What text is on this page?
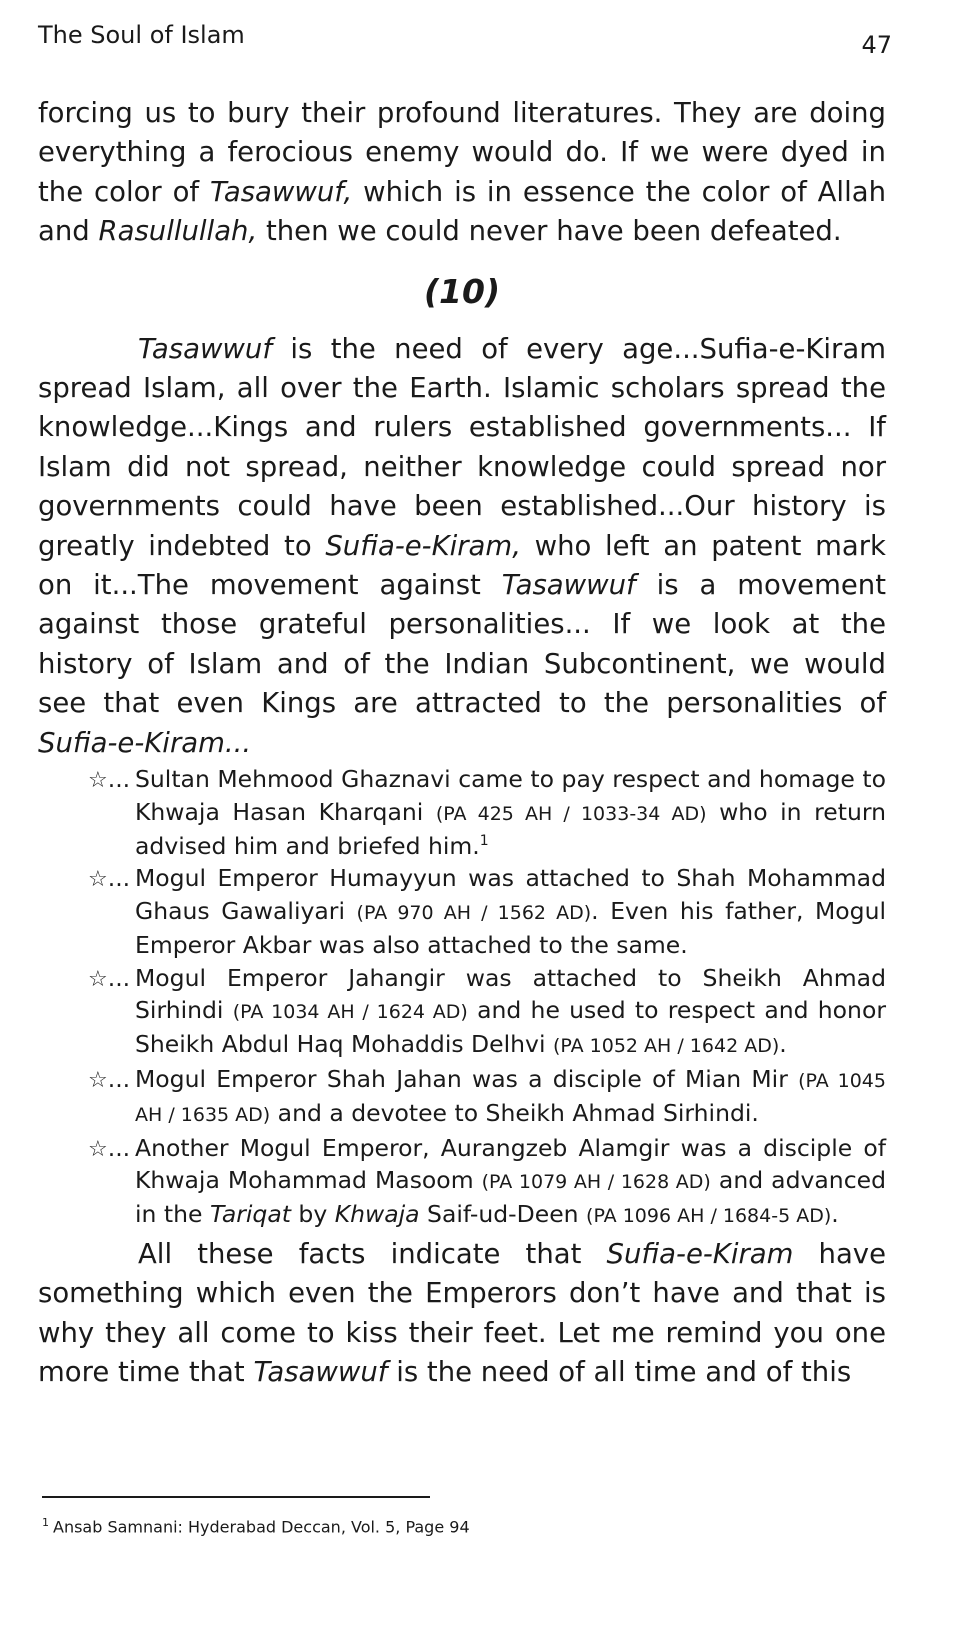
The Soul of Islam	47

forcing us to bury their profound literatures. They are doing everything a ferocious enemy would do. If we were dyed in the color of Tasawwuf, which is in essence the color of Allah and Rasullullah, then we could never have been defeated.

(10)

Tasawwuf is the need of every age...Sufia-e-Kiram spread Islam, all over the Earth. Islamic scholars spread the knowledge...Kings and rulers established governments... If Islam did not spread, neither knowledge could spread nor governments could have been established...Our history is greatly indebted to Sufia-e-Kiram, who left an patent mark on it...The movement against Tasawwuf is a movement against those grateful personalities... If we look at the history of Islam and of the Indian Subcontinent, we would see that even Kings are attracted to the personalities of Sufia-e-Kiram...

☆... Sultan Mehmood Ghaznavi came to pay respect and homage to Khwaja Hasan Kharqani (PA 425 AH / 1033-34 AD) who in return advised him and briefed him.$^1$
☆... Mogul Emperor Humayyun was attached to Shah Mohammad Ghaus Gawaliyari (PA 970 AH / 1562 AD). Even his father, Mogul Emperor Akbar was also attached to the same.
☆... Mogul Emperor Jahangir was attached to Sheikh Ahmad Sirhindi (PA 1034 AH / 1624 AD) and he used to respect and honor Sheikh Abdul Haq Mohaddis Delhvi (PA 1052 AH / 1642 AD).
☆... Mogul Emperor Shah Jahan was a disciple of Mian Mir (PA 1045 AH / 1635 AD) and a devotee to Sheikh Ahmad Sirhindi.
☆... Another Mogul Emperor, Aurangzeb Alamgir was a disciple of Khwaja Mohammad Masoom (PA 1079 AH / 1628 AD) and advanced in the Tariqat by Khwaja Saif-ud-Deen (PA 1096 AH / 1684-5 AD).

All these facts indicate that Sufia-e-Kiram have something which even the Emperors don’t have and that is why they all come to kiss their feet. Let me remind you one more time that Tasawwuf is the need of all time and of this

$^1$ Ansab Samnani: Hyderabad Deccan, Vol. 5, Page 94
